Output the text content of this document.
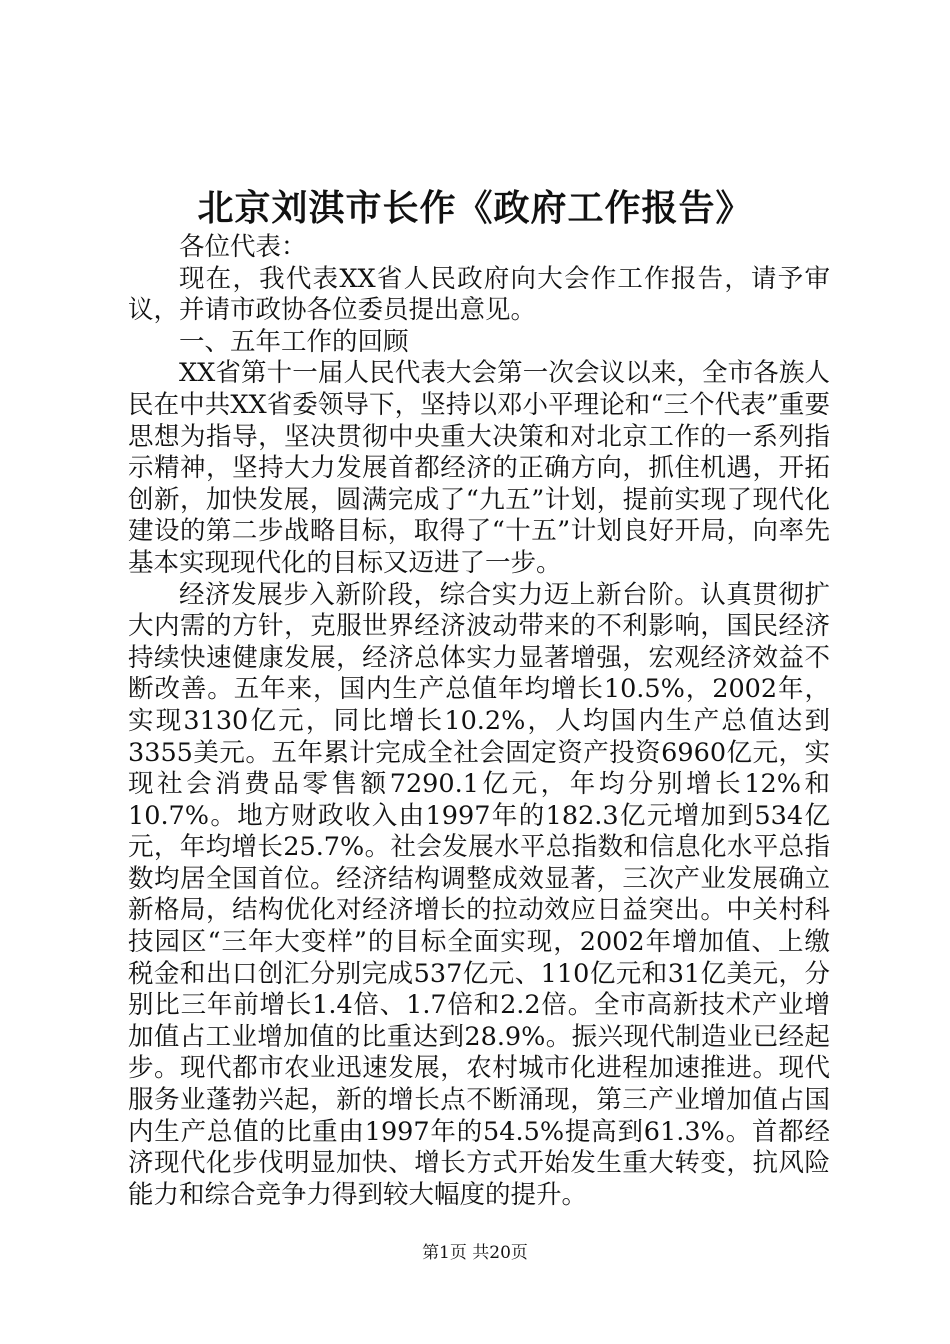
北京刘淇市长作《政府工作报告》

各位代表：

现在，我代表XX省人民政府向大会作工作报告，请予审议，并请市政协各位委员提出意见。

一、五年工作的回顾

XX省第十一届人民代表大会第一次会议以来，全市各族人民在中共XX省委领导下，坚持以邓小平理论和“三个代表”重要思想为指导，坚决贯彻中央重大决策和对北京工作的一系列指示精神，坚持大力发展首都经济的正确方向，抓住机遇，开拓创新，加快发展，圆满完成了“九五”计划，提前实现了现代化建设的第二步战略目标，取得了“十五”计划良好开局，向率先基本实现现代化的目标又迈进了一步。

经济发展步入新阶段，综合实力迈上新台阶。认真贯彻扩大内需的方针，克服世界经济波动带来的不利影响，国民经济持续快速健康发展，经济总体实力显著增强，宏观经济效益不断改善。五年来，国内生产总值年均增长10.5%，2002年，实现3130亿元，同比增长10.2%，人均国内生产总值达到3355美元。五年累计完成全社会固定资产投资6960亿元，实现社会消费品零售额7290.1亿元，年均分别增长12%和10.7%。地方财政收入由1997年的182.3亿元增加到534亿元，年均增长25.7%。社会发展水平总指数和信息化水平总指数均居全国首位。经济结构调整成效显著，三次产业发展确立新格局，结构优化对经济增长的拉动效应日益突出。中关村科技园区“三年大变样”的目标全面实现，2002年增加值、上缴税金和出口创汇分别完成537亿元、110亿元和31亿美元，分别比三年前增长1.4倍、1.7倍和2.2倍。全市高新技术产业增加值占工业增加值的比重达到28.9%。振兴现代制造业已经起步。现代都市农业迅速发展，农村城市化进程加速推进。现代服务业蓬勃兴起，新的增长点不断涌现，第三产业增加值占国内生产总值的比重由1997年的54.5%提高到61.3%。首都经济现代化步伐明显加快、增长方式开始发生重大转变，抗风险能力和综合竞争力得到较大幅度的提升。

第1页 共20页
